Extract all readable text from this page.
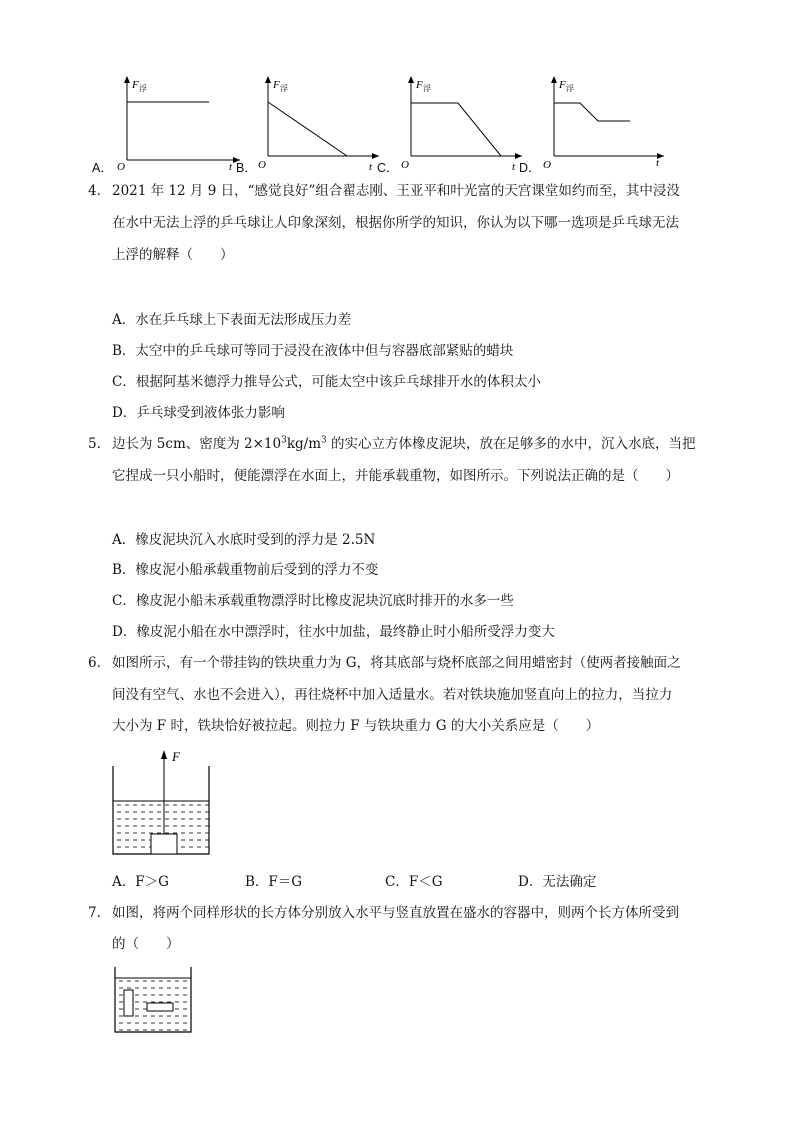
F 浮
O	t
A．
F 浮
O	t
B．
F 浮
O	t
C．
F 浮
O	t
D．
4． 2021 年 12 月 9 日，“感觉良好”组合翟志刚、王亚平和叶光富的天宫课堂如约而至，其中浸没
在水中无法上浮的乒乓球让人印象深刻，根据你所学的知识，你认为以下哪一选项是乒乓球无法
上浮的解释（　　）
A．水在乒乓球上下表面无法形成压力差
B．太空中的乒乓球可等同于浸没在液体中但与容器底部紧贴的蜡块
C．根据阿基米德浮力推导公式，可能太空中该乒乓球排开水的体积太小
D．乒乓球受到液体张力影响
5． 边长为 5cm、密度为 $2\times 10^3kg/m^3$ 的实心立方体橡皮泥块，放在足够多的水中，沉入水底，当把
它捏成一只小船时，便能漂浮在水面上，并能承载重物，如图所示。下列说法正确的是（　　）
A．橡皮泥块沉入水底时受到的浮力是 2.5N
B．橡皮泥小船承载重物前后受到的浮力不变
C．橡皮泥小船未承载重物漂浮时比橡皮泥块沉底时排开的水多一些
D．橡皮泥小船在水中漂浮时，往水中加盐，最终静止时小船所受浮力变大
6． 如图所示，有一个带挂钩的铁块重力为 G，将其底部与烧杯底部之间用蜡密封（使两者接触面之
间没有空气、水也不会进入），再往烧杯中加入适量水。若对铁块施加竖直向上的拉力，当拉力
大小为 F 时，铁块恰好被拉起。则拉力 F 与铁块重力 G 的大小关系应是（　　）
F
A．F＞G	B．F＝G	C．F＜G	D．无法确定
7． 如图，将两个同样形状的长方体分别放入水平与竖直放置在盛水的容器中，则两个长方体所受到
的（　　）
